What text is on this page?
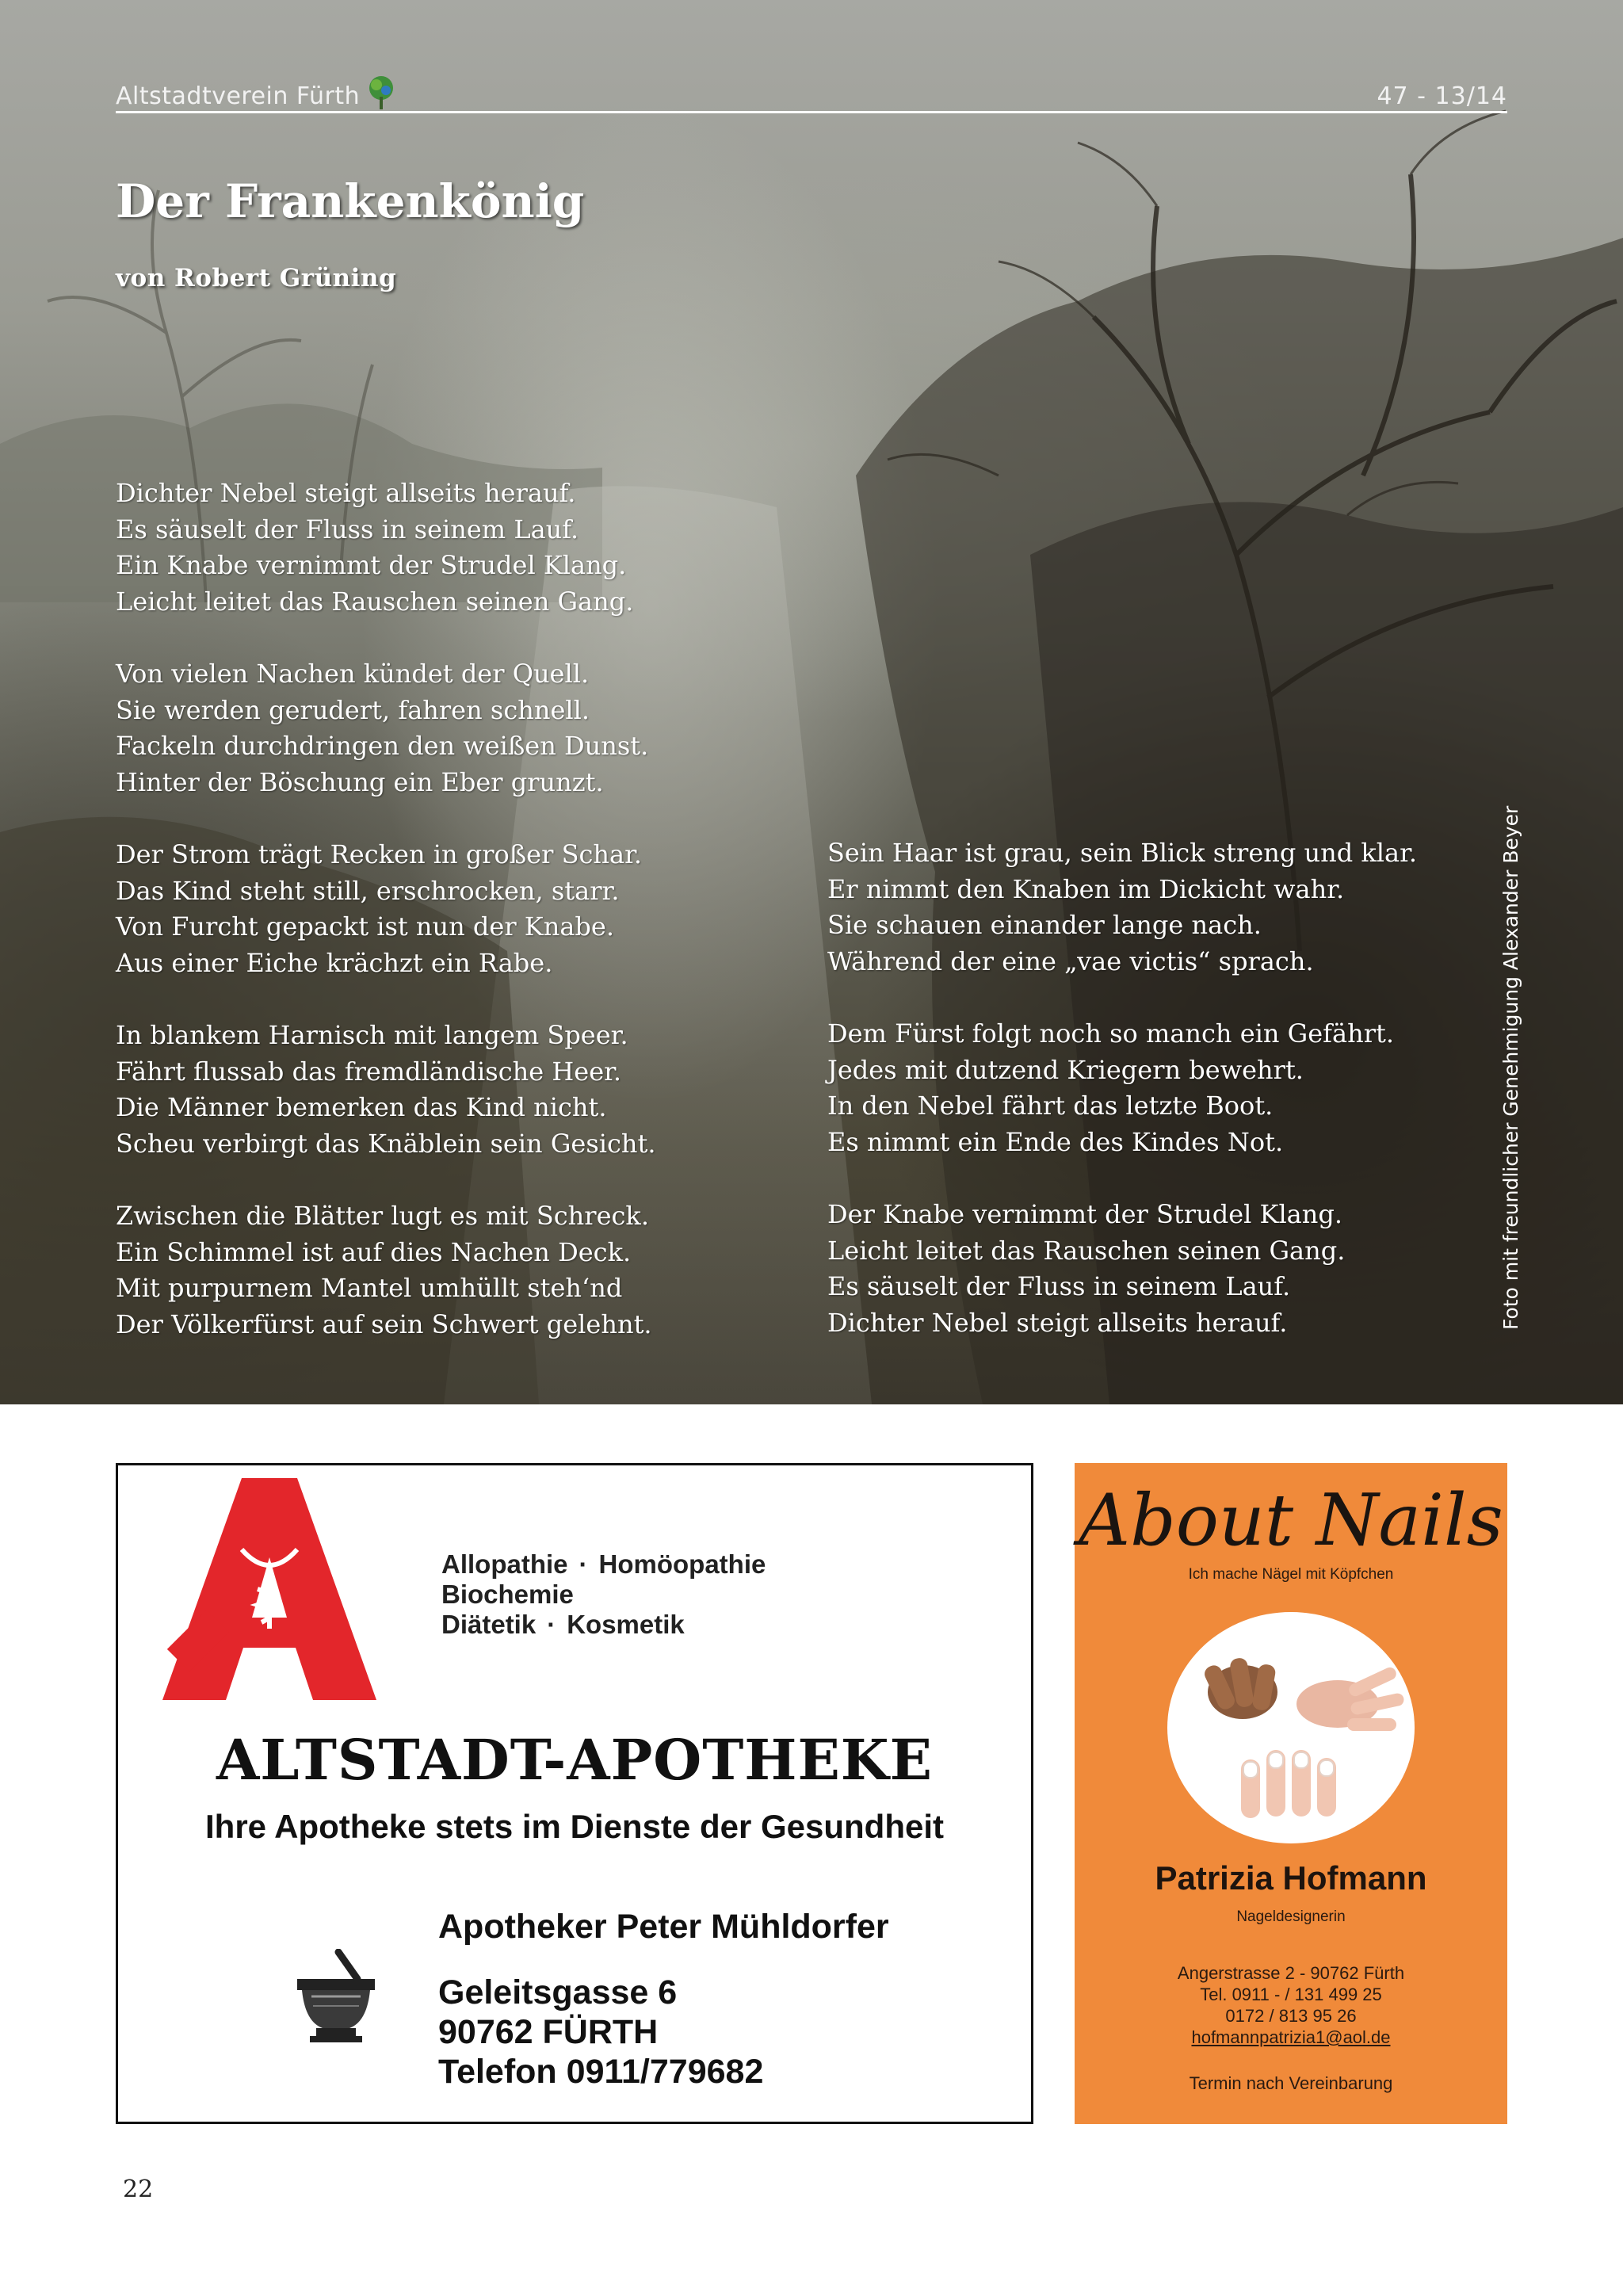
Altstadtverein Fürth	47 - 13/14
Der Frankenkönig
von Robert Grüning
Dichter Nebel steigt allseits herauf.
Es säuselt der Fluss in seinem Lauf.
Ein Knabe vernimmt der Strudel Klang.
Leicht leitet das Rauschen seinen Gang.
Von vielen Nachen kündet der Quell.
Sie werden gerudert, fahren schnell.
Fackeln durchdringen den weißen Dunst.
Hinter der Böschung ein Eber grunzt.
Der Strom trägt Recken in großer Schar.
Das Kind steht still, erschrocken, starr.
Von Furcht gepackt ist nun der Knabe.
Aus einer Eiche krächzt ein Rabe.
In blankem Harnisch mit langem Speer.
Fährt flussab das fremdländische Heer.
Die Männer bemerken das Kind nicht.
Scheu verbirgt das Knäblein sein Gesicht.
Zwischen die Blätter lugt es mit Schreck.
Ein Schimmel ist auf dies Nachen Deck.
Mit purpurnem Mantel umhüllt steh‘nd
Der Völkerfürst auf sein Schwert gelehnt.
Sein Haar ist grau, sein Blick streng und klar.
Er nimmt den Knaben im Dickicht wahr.
Sie schauen einander lange nach.
Während der eine „vae victis“ sprach.
Dem Fürst folgt noch so manch ein Gefährt.
Jedes mit dutzend Kriegern bewehrt.
In den Nebel fährt das letzte Boot.
Es nimmt ein Ende des Kindes Not.
Der Knabe vernimmt der Strudel Klang.
Leicht leitet das Rauschen seinen Gang.
Es säuselt der Fluss in seinem Lauf.
Dichter Nebel steigt allseits herauf.	Foto mit freundlicher Genehmigung Alexander Beyer
Allopathie · Homöopathie
Biochemie
Diätetik · Kosmetik
ALTSTADT-APOTHEKE
Ihre Apotheke stets im Dienste der Gesundheit
Apotheker Peter Mühldorfer
Geleitsgasse 6
90762 FÜRTH
Telefon 0911/779682
About Nails
Ich mache Nägel mit Köpfchen
Patrizia Hofmann
Nageldesignerin
Angerstrasse 2 - 90762 Fürth
Tel. 0911 - / 131 499 25
0172 / 813 95 26
hofmannpatrizia1@aol.de
Termin nach Vereinbarung
22
